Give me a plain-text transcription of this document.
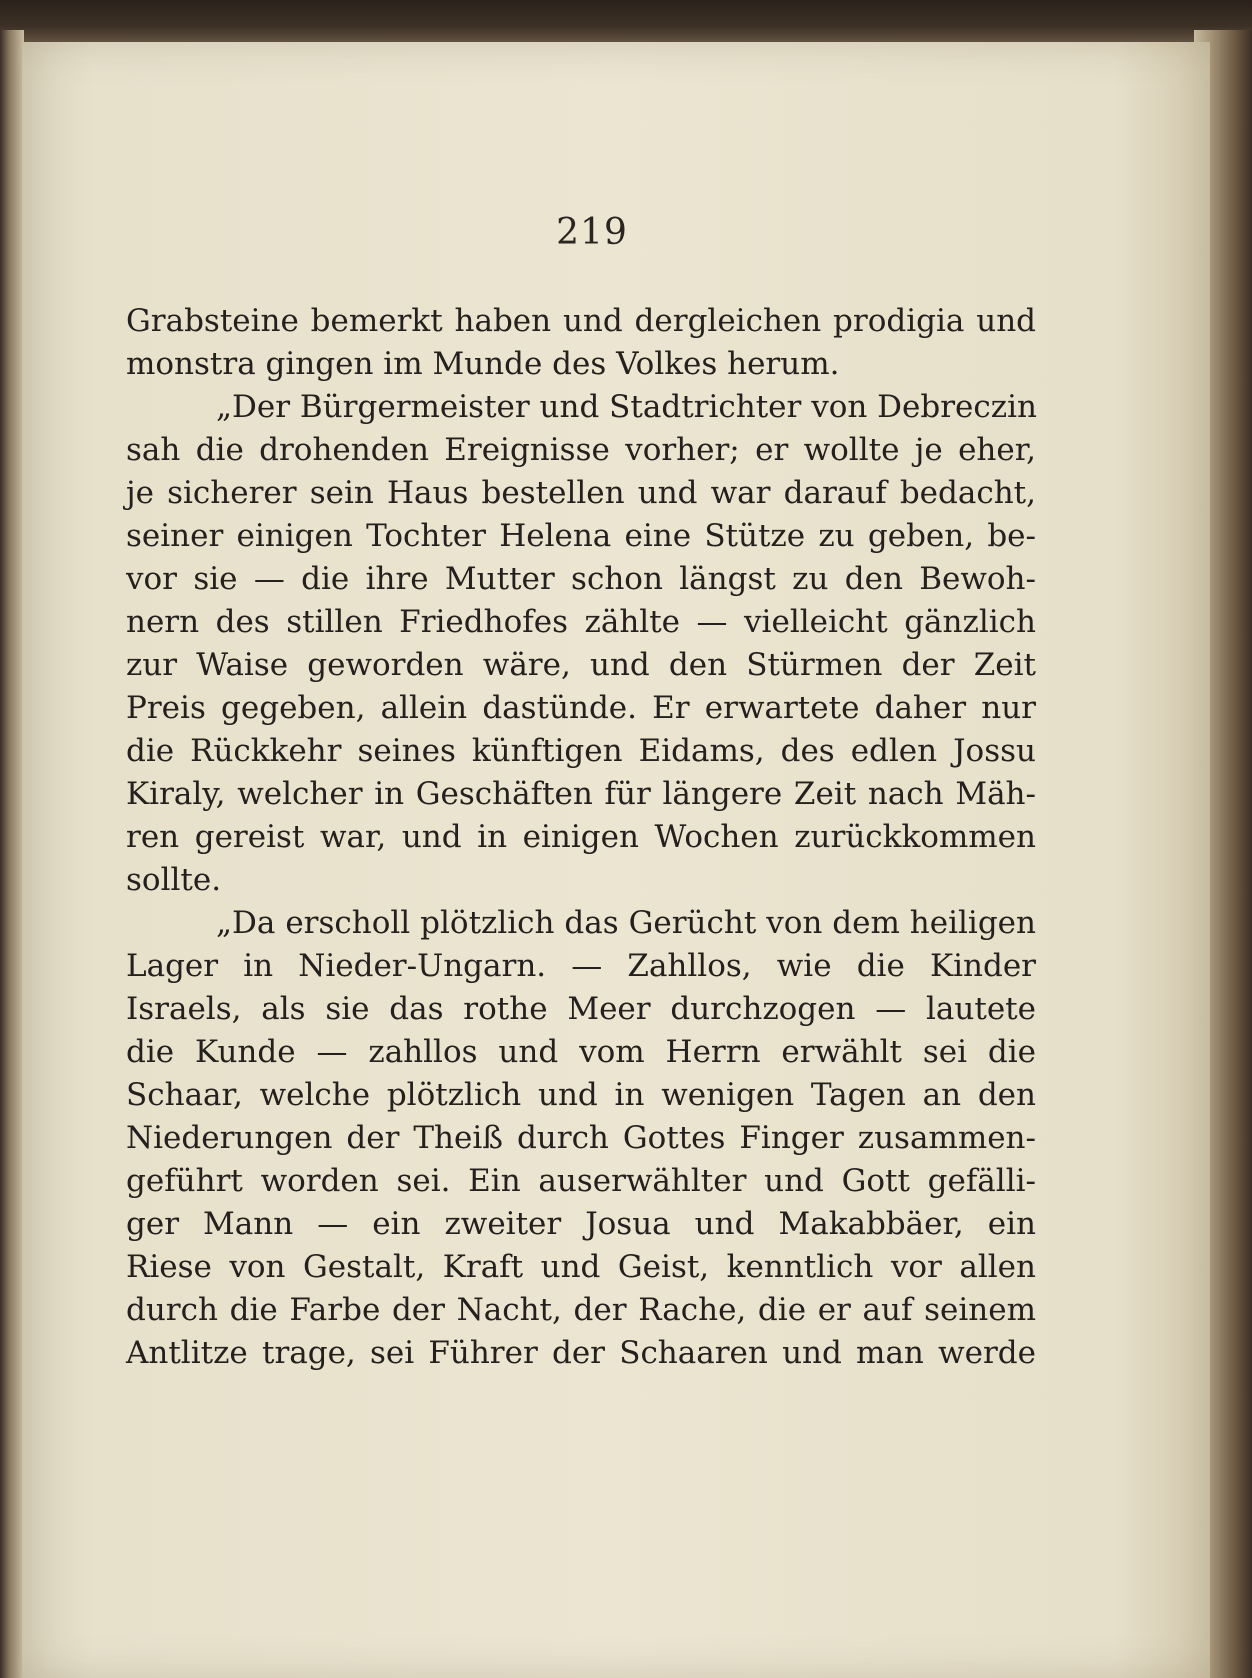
219
Grabsteine bemerkt haben und dergleichen prodigia und
monstra gingen im Munde des Volkes herum.
„Der Bürgermeister und Stadtrichter von Debreczin
sah die drohenden Ereignisse vorher; er wollte je eher,
je sicherer sein Haus bestellen und war darauf bedacht,
seiner einigen Tochter Helena eine Stütze zu geben, be-
vor sie — die ihre Mutter schon längst zu den Bewoh-
nern des stillen Friedhofes zählte — vielleicht gänzlich
zur Waise geworden wäre, und den Stürmen der Zeit
Preis gegeben, allein dastünde. Er erwartete daher nur
die Rückkehr seines künftigen Eidams, des edlen Jossu
Kiraly, welcher in Geschäften für längere Zeit nach Mäh-
ren gereist war, und in einigen Wochen zurückkommen
sollte.
„Da erscholl plötzlich das Gerücht von dem heiligen
Lager in Nieder-Ungarn. — Zahllos, wie die Kinder
Israels, als sie das rothe Meer durchzogen — lautete
die Kunde — zahllos und vom Herrn erwählt sei die
Schaar, welche plötzlich und in wenigen Tagen an den
Niederungen der Theiß durch Gottes Finger zusammen-
geführt worden sei. Ein auserwählter und Gott gefälli-
ger Mann — ein zweiter Josua und Makabbäer, ein
Riese von Gestalt, Kraft und Geist, kenntlich vor allen
durch die Farbe der Nacht, der Rache, die er auf seinem
Antlitze trage, sei Führer der Schaaren und man werde
